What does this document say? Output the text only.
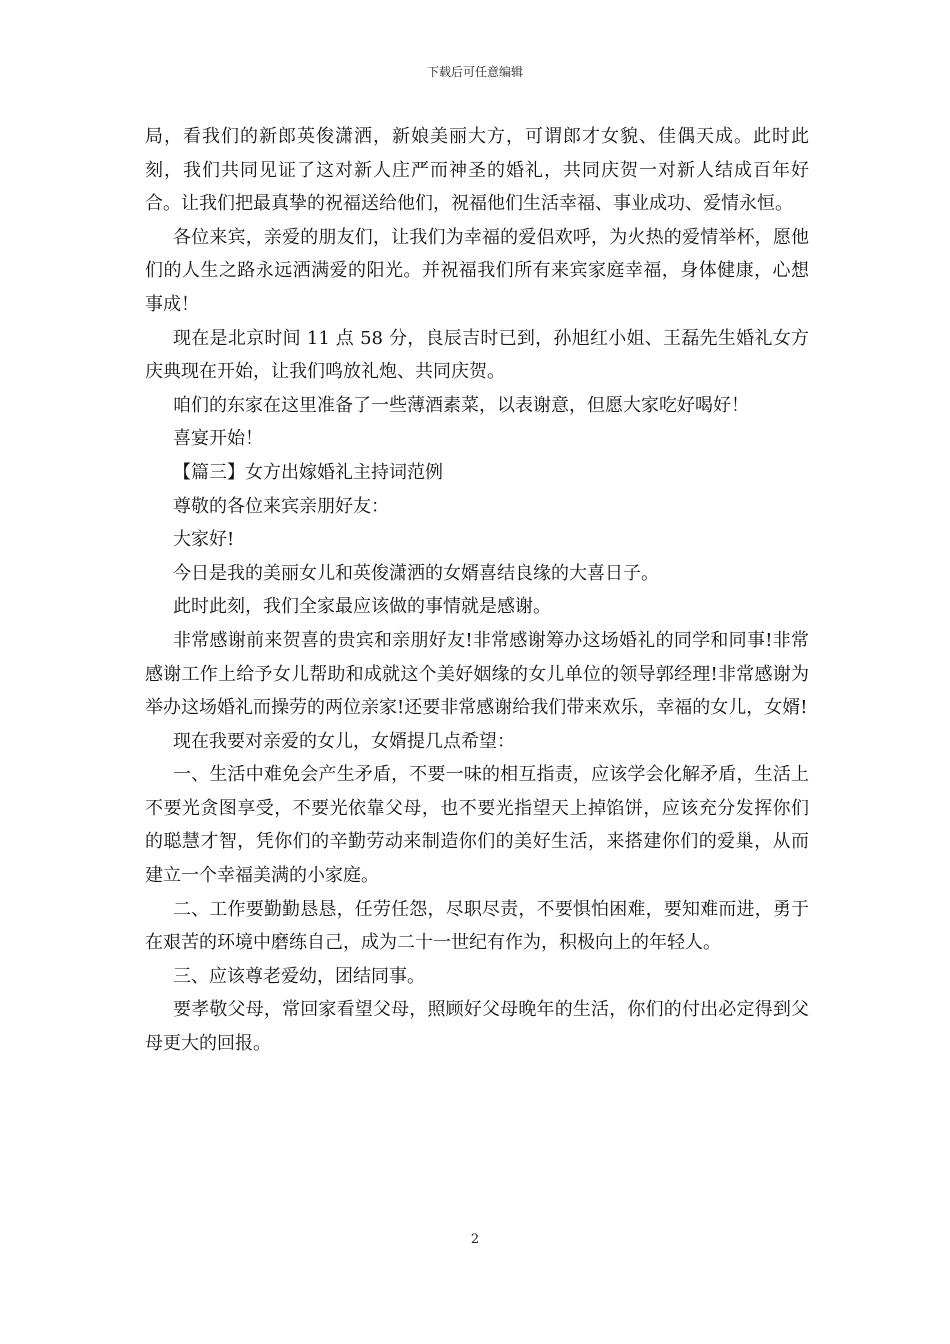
下载后可任意编辑

局，看我们的新郎英俊潇洒，新娘美丽大方，可谓郎才女貌、佳偶天成。此时此刻，我们共同见证了这对新人庄严而神圣的婚礼，共同庆贺一对新人结成百年好合。让我们把最真挚的祝福送给他们，祝福他们生活幸福、事业成功、爱情永恒。

各位来宾，亲爱的朋友们，让我们为幸福的爱侣欢呼，为火热的爱情举杯，愿他们的人生之路永远洒满爱的阳光。并祝福我们所有来宾家庭幸福，身体健康，心想事成！

现在是北京时间 11 点 58 分，良辰吉时已到，孙旭红小姐、王磊先生婚礼女方庆典现在开始，让我们鸣放礼炮、共同庆贺。

咱们的东家在这里准备了一些薄酒素菜，以表谢意，但愿大家吃好喝好！

喜宴开始！

【篇三】女方出嫁婚礼主持词范例

尊敬的各位来宾亲朋好友：

大家好!

今日是我的美丽女儿和英俊潇洒的女婿喜结良缘的大喜日子。

此时此刻，我们全家最应该做的事情就是感谢。

非常感谢前来贺喜的贵宾和亲朋好友!非常感谢筹办这场婚礼的同学和同事!非常感谢工作上给予女儿帮助和成就这个美好姻缘的女儿单位的领导郭经理!非常感谢为举办这场婚礼而操劳的两位亲家!还要非常感谢给我们带来欢乐，幸福的女儿，女婿!

现在我要对亲爱的女儿，女婿提几点希望：

一、生活中难免会产生矛盾，不要一味的相互指责，应该学会化解矛盾，生活上不要光贪图享受，不要光依靠父母，也不要光指望天上掉馅饼，应该充分发挥你们的聪慧才智，凭你们的辛勤劳动来制造你们的美好生活，来搭建你们的爱巢，从而建立一个幸福美满的小家庭。

二、工作要勤勤恳恳，任劳任怨，尽职尽责，不要惧怕困难，要知难而进，勇于在艰苦的环境中磨练自己，成为二十一世纪有作为，积极向上的年轻人。

三、应该尊老爱幼，团结同事。

要孝敬父母，常回家看望父母，照顾好父母晚年的生活，你们的付出必定得到父母更大的回报。

2
